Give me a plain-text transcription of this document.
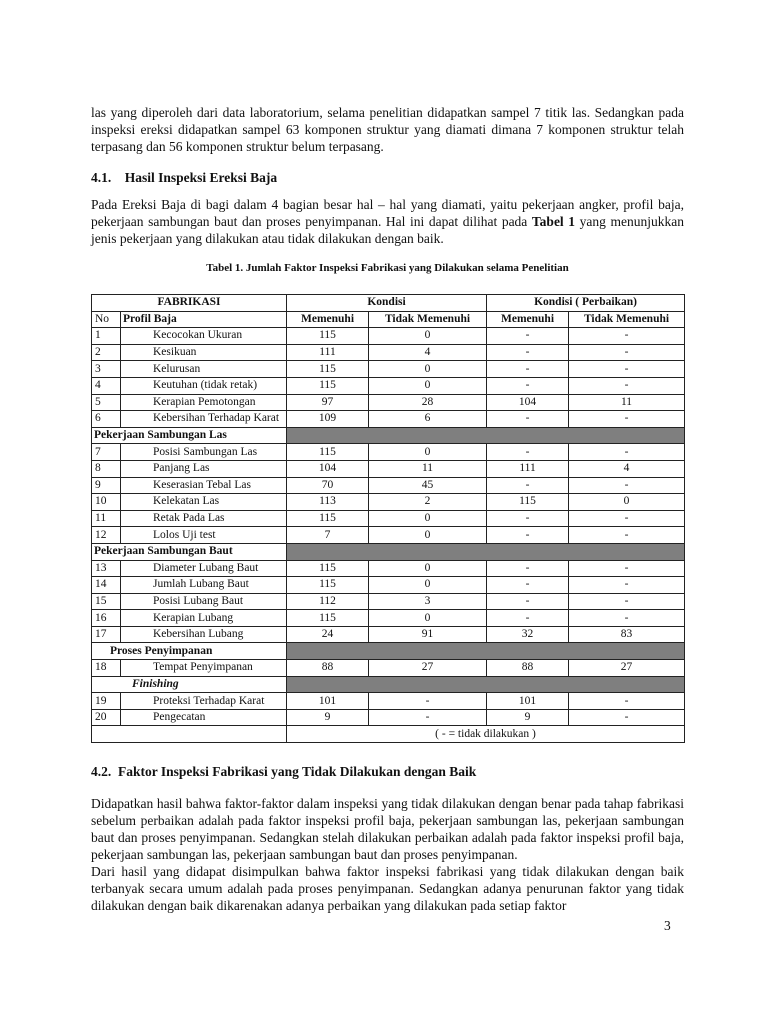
las yang diperoleh dari data laboratorium, selama penelitian didapatkan sampel 7 titik las. Sedangkan pada inspeksi ereksi didapatkan sampel 63 komponen struktur yang diamati dimana 7 komponen struktur telah terpasang dan 56 komponen struktur belum terpasang.

4.1. Hasil Inspeksi Ereksi Baja

Pada Ereksi Baja di bagi dalam 4 bagian besar hal – hal yang diamati, yaitu pekerjaan angker, profil baja, pekerjaan sambungan baut dan proses penyimpanan. Hal ini dapat dilihat pada Tabel 1 yang menunjukkan jenis pekerjaan yang dilakukan atau tidak dilakukan dengan baik.

Tabel 1. Jumlah Faktor Inspeksi Fabrikasi yang Dilakukan selama Penelitian
FABRIKASI		Kondisi		Kondisi ( Perbaikan)	
No	Profil Baja	Memenuhi	Tidak Memenuhi	Memenuhi	Tidak Memenuhi
1	Kecocokan Ukuran	115	0	-	-
2	Kesikuan	111	4	-	-
3	Kelurusan	115	0	-	-
4	Keutuhan (tidak retak)	115	0	-	-
5	Kerapian Pemotongan	97	28	104	11
6	Kebersihan Terhadap Karat	109	6	-	-
Pekerjaan Sambungan Las					
7	Posisi Sambungan Las	115	0	-	-
8	Panjang Las	104	11	111	4
9	Keserasian Tebal Las	70	45	-	-
10	Kelekatan Las	113	2	115	0
11	Retak Pada Las	115	0	-	-
12	Lolos Uji test	7	0	-	-
Pekerjaan Sambungan Baut					
13	Diameter Lubang Baut	115	0	-	-
14	Jumlah Lubang Baut	115	0	-	-
15	Posisi Lubang Baut	112	3	-	-
16	Kerapian Lubang	115	0	-	-
17	Kebersihan Lubang	24	91	32	83
Proses Penyimpanan					
18	Tempat Penyimpanan	88	27	88	27
Finishing					
19	Proteksi Terhadap Karat	101	-	101	-
20	Pengecatan	9	-	9	-
		( - = tidak dilakukan )			
4.2. Faktor Inspeksi Fabrikasi yang Tidak Dilakukan dengan Baik

Didapatkan hasil bahwa faktor-faktor dalam inspeksi yang tidak dilakukan dengan benar pada tahap fabrikasi sebelum perbaikan adalah pada faktor inspeksi profil baja, pekerjaan sambungan las, pekerjaan sambungan baut dan proses penyimpanan. Sedangkan stelah dilakukan perbaikan adalah pada faktor inspeksi profil baja, pekerjaan sambungan las, pekerjaan sambungan baut dan proses penyimpanan.

Dari hasil yang didapat disimpulkan bahwa faktor inspeksi fabrikasi yang tidak dilakukan dengan baik terbanyak secara umum adalah pada proses penyimpanan. Sedangkan adanya penurunan faktor yang tidak dilakukan dengan baik dikarenakan adanya perbaikan yang dilakukan pada setiap faktor

3
